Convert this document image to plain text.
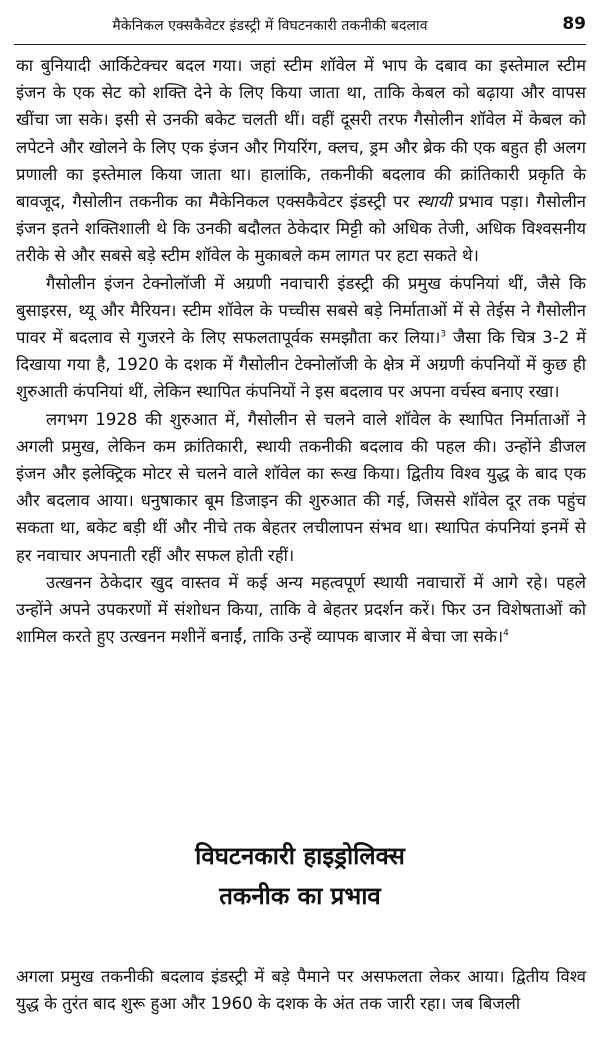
मैकेनिकल एक्सकैवेटर इंडस्ट्री में विघटनकारी तकनीकी बदलाव	89

का बुनियादी आर्किटेक्चर बदल गया। जहां स्टीम शॉवेल में भाप के दबाव का इस्तेमाल स्टीम इंजन के एक सेट को शक्ति देने के लिए किया जाता था, ताकि केबल को बढ़ाया और वापस खींचा जा सके। इसी से उनकी बकेट चलती थीं। वहीं दूसरी तरफ गैसोलीन शॉवेल में केबल को लपेटने और खोलने के लिए एक इंजन और गियरिंग, क्लच, ड्रम और ब्रेक की एक बहुत ही अलग प्रणाली का इस्तेमाल किया जाता था। हालांकि, तकनीकी बदलाव की क्रांतिकारी प्रकृति के बावजूद, गैसोलीन तकनीक का मैकेनिकल एक्सकैवेटर इंडस्ट्री पर स्थायी प्रभाव पड़ा। गैसोलीन इंजन इतने शक्तिशाली थे कि उनकी बदौलत ठेकेदार मिट्टी को अधिक तेजी, अधिक विश्वसनीय तरीके से और सबसे बड़े स्टीम शॉवेल के मुकाबले कम लागत पर हटा सकते थे।

गैसोलीन इंजन टेक्नोलॉजी में अग्रणी नवाचारी इंडस्ट्री की प्रमुख कंपनियां थीं, जैसे कि बुसाइरस, थ्यू और मैरियन। स्टीम शॉवेल के पच्चीस सबसे बड़े निर्माताओं में से तेईस ने गैसोलीन पावर में बदलाव से गुजरने के लिए सफलतापूर्वक समझौता कर लिया।$^3$ जैसा कि चित्र 3-2 में दिखाया गया है, 1920 के दशक में गैसोलीन टेक्नोलॉजी के क्षेत्र में अग्रणी कंपनियों में कुछ ही शुरुआती कंपनियां थीं, लेकिन स्थापित कंपनियों ने इस बदलाव पर अपना वर्चस्व बनाए रखा।

लगभग 1928 की शुरुआत में, गैसोलीन से चलने वाले शॉवेल के स्थापित निर्माताओं ने अगली प्रमुख, लेकिन कम क्रांतिकारी, स्थायी तकनीकी बदलाव की पहल की। उन्होंने डीजल इंजन और इलेक्ट्रिक मोटर से चलने वाले शॉवेल का रूख किया। द्वितीय विश्व युद्ध के बाद एक और बदलाव आया। धनुषाकार बूम डिजाइन की शुरुआत की गई, जिससे शॉवेल दूर तक पहुंच सकता था, बकेट बड़ी थीं और नीचे तक बेहतर लचीलापन संभव था। स्थापित कंपनियां इनमें से हर नवाचार अपनाती रहीं और सफल होती रहीं।

उत्खनन ठेकेदार खुद वास्तव में कई अन्य महत्वपूर्ण स्थायी नवाचारों में आगे रहे। पहले उन्होंने अपने उपकरणों में संशोधन किया, ताकि वे बेहतर प्रदर्शन करें। फिर उन विशेषताओं को शामिल करते हुए उत्खनन मशीनें बनाईं, ताकि उन्हें व्यापक बाजार में बेचा जा सके।$^4$

विघटनकारी हाइड्रोलिक्स
तकनीक का प्रभाव

अगला प्रमुख तकनीकी बदलाव इंडस्ट्री में बड़े पैमाने पर असफलता लेकर आया। द्वितीय विश्व युद्ध के तुरंत बाद शुरू हुआ और 1960 के दशक के अंत तक जारी रहा। जब बिजली
